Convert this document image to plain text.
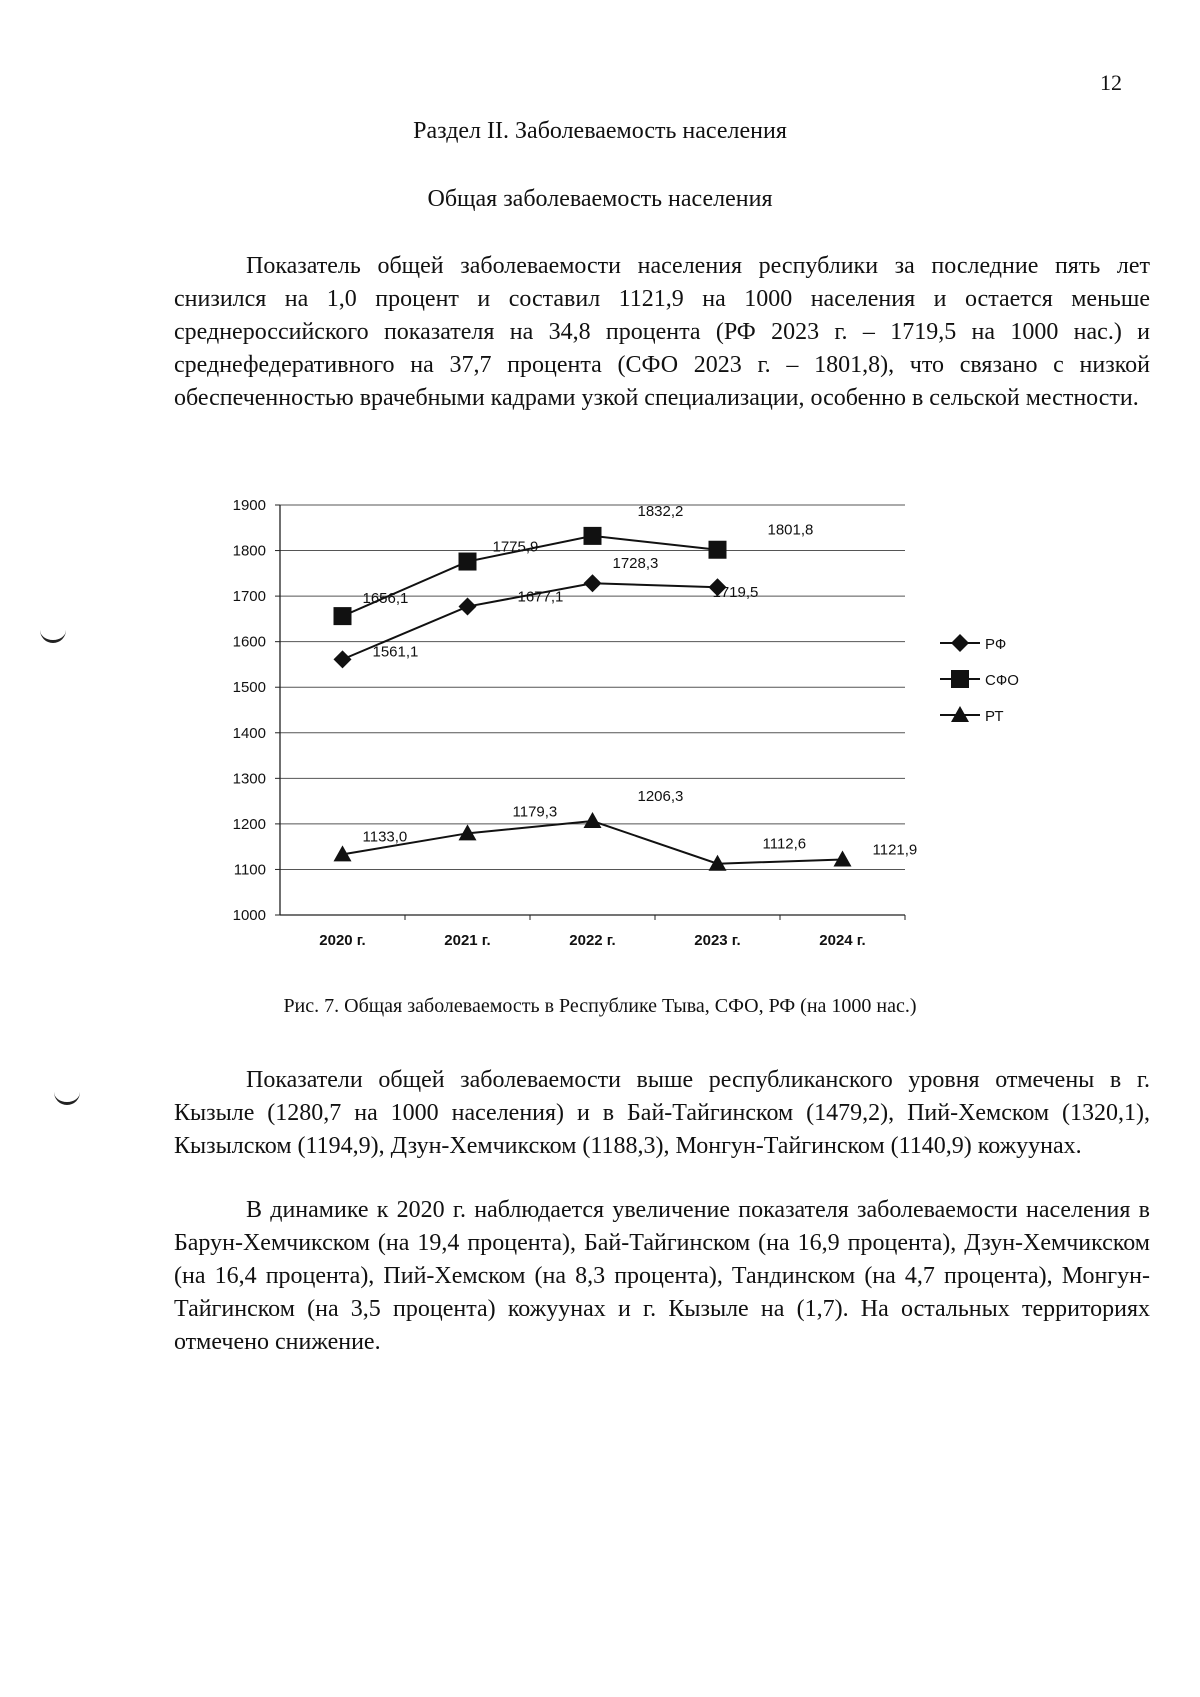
12
Раздел II. Заболеваемость населения
Общая заболеваемость населения

Показатель общей заболеваемости населения республики за последние пять лет снизился на 1,0 процент и составил 1121,9 на 1000 населения и остается меньше среднероссийского показателя на 34,8 процента (РФ 2023 г. – 1719,5 на 1000 нас.) и среднефедеративного на 37,7 процента (СФО 2023 г. – 1801,8), что связано с низкой обеспеченностью врачебными кадрами узкой специализации, особенно в сельской местности.

1000
1100
1200
1300
1400
1500
1600
1700
1800
1900
2020 г.	2021 г.	2022 г.	2023 г.	2024 г.
1561,1
1677,1
1728,3
1719,5
1656,1
1775,9
1832,2
1801,8
1133,0
1179,3
1206,3
1112,6	1121,9
РФ
СФО
РТ
Рис. 7. Общая заболеваемость в Республике Тыва, СФО, РФ (на 1000 нас.)

Показатели общей заболеваемости выше республиканского уровня отмечены в г. Кызыле (1280,7 на 1000 населения) и в Бай-Тайгинском (1479,2), Пий-Хемском (1320,1), Кызылском (1194,9), Дзун-Хемчикском (1188,3), Монгун-Тайгинском (1140,9) кожуунах.

В динамике к 2020 г. наблюдается увеличение показателя заболеваемости населения в Барун-Хемчикском (на 19,4 процента), Бай-Тайгинском (на 16,9 процента), Дзун-Хемчикском (на 16,4 процента), Пий-Хемском (на 8,3 процента), Тандинском (на 4,7 процента), Монгун-Тайгинском (на 3,5 процента) кожуунах и г. Кызыле на (1,7). На остальных территориях отмечено снижение.
